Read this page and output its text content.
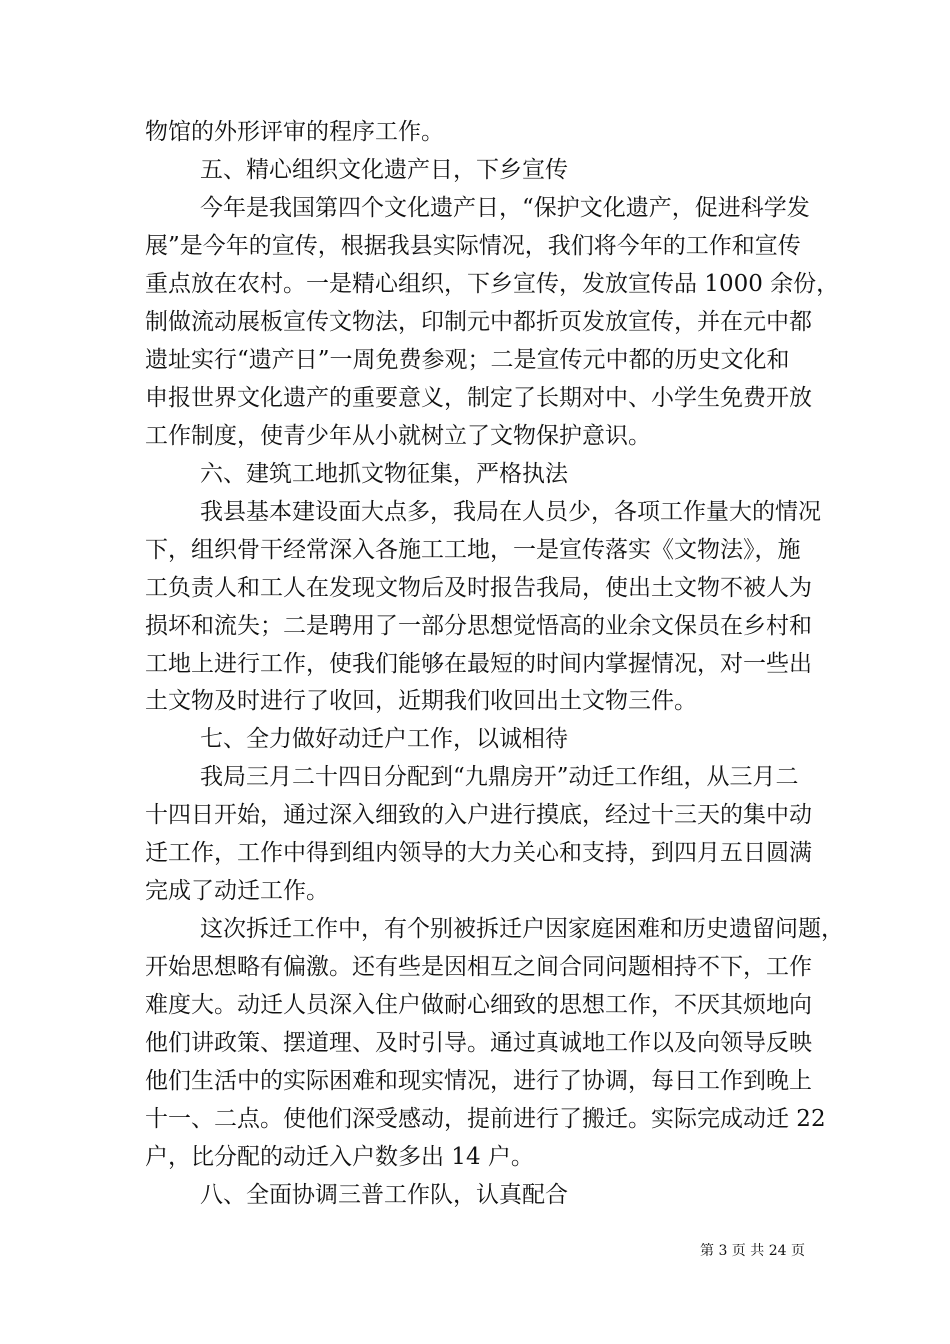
物馆的外形评审的程序工作。
五、精心组织文化遗产日，下乡宣传
今年是我国第四个文化遗产日，“保护文化遗产，促进科学发
展”是今年的宣传，根据我县实际情况，我们将今年的工作和宣传
重点放在农村。一是精心组织，下乡宣传，发放宣传品 1000 余份，
制做流动展板宣传文物法，印制元中都折页发放宣传，并在元中都
遗址实行“遗产日”一周免费参观；二是宣传元中都的历史文化和
申报世界文化遗产的重要意义，制定了长期对中、小学生免费开放
工作制度，使青少年从小就树立了文物保护意识。
六、建筑工地抓文物征集，严格执法
我县基本建设面大点多，我局在人员少，各项工作量大的情况
下，组织骨干经常深入各施工工地，一是宣传落实《文物法》，施
工负责人和工人在发现文物后及时报告我局，使出土文物不被人为
损坏和流失；二是聘用了一部分思想觉悟高的业余文保员在乡村和
工地上进行工作，使我们能够在最短的时间内掌握情况，对一些出
土文物及时进行了收回，近期我们收回出土文物三件。
七、全力做好动迁户工作，以诚相待
我局三月二十四日分配到“九鼎房开”动迁工作组，从三月二
十四日开始，通过深入细致的入户进行摸底，经过十三天的集中动
迁工作，工作中得到组内领导的大力关心和支持，到四月五日圆满
完成了动迁工作。
这次拆迁工作中，有个别被拆迁户因家庭困难和历史遗留问题，
开始思想略有偏激。还有些是因相互之间合同问题相持不下，工作
难度大。动迁人员深入住户做耐心细致的思想工作，不厌其烦地向
他们讲政策、摆道理、及时引导。通过真诚地工作以及向领导反映
他们生活中的实际困难和现实情况，进行了协调，每日工作到晚上
十一、二点。使他们深受感动，提前进行了搬迁。实际完成动迁 22
户，比分配的动迁入户数多出 14 户。
八、全面协调三普工作队，认真配合
第 3 页 共 24 页
